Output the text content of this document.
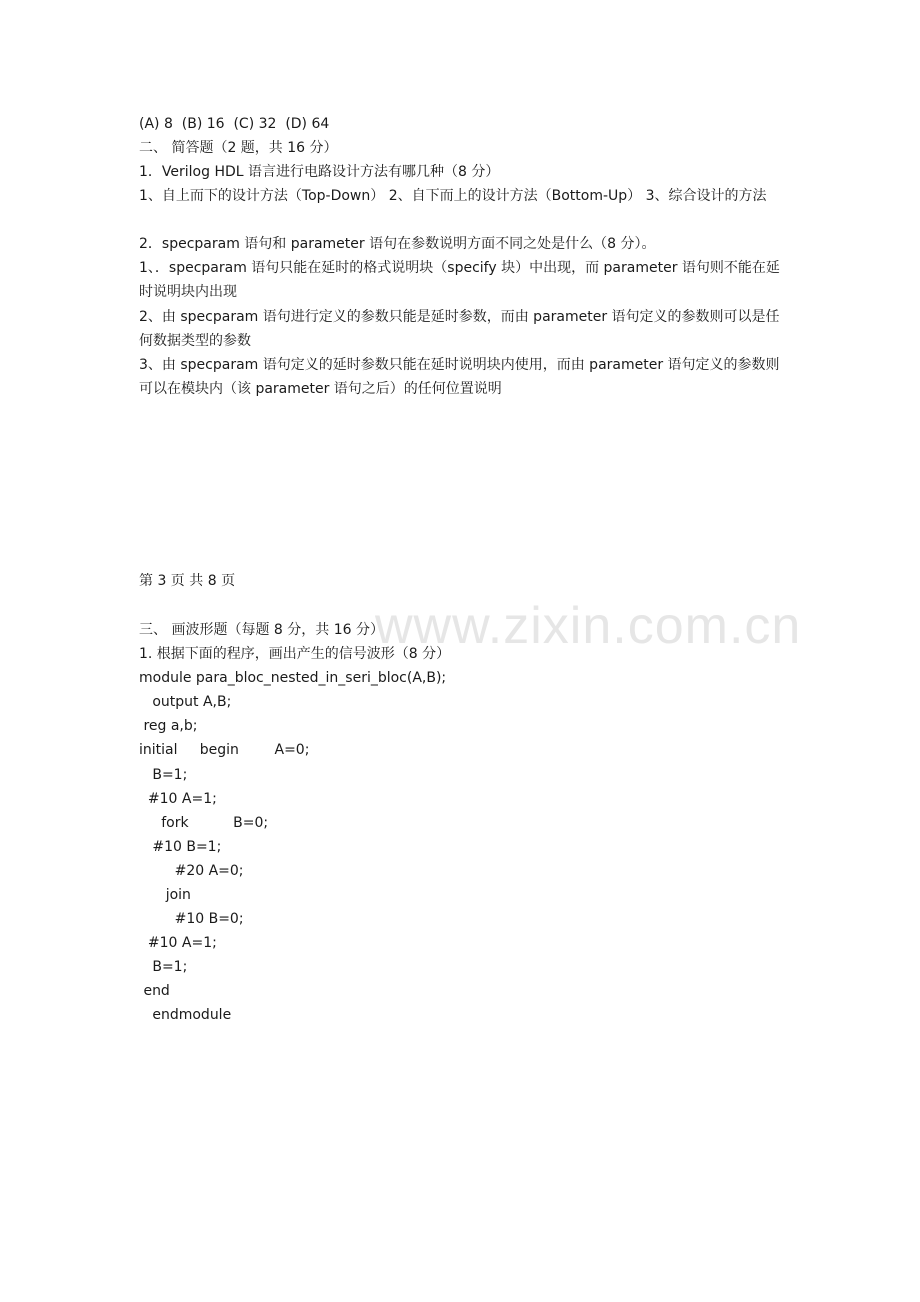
www.zixin.com.cn
(A) 8  (B) 16  (C) 32  (D) 64
二、 简答题（2 题，共 16 分）
1．Verilog HDL 语言进行电路设计方法有哪几种（8 分）
1、自上而下的设计方法（Top-Down） 2、自下而上的设计方法（Bottom-Up） 3、综合设计的方法
2．specparam 语句和 parameter 语句在参数说明方面不同之处是什么（8 分）。
1、．specparam 语句只能在延时的格式说明块（specify 块）中出现，而 parameter 语句则不能在延时说明块内出现
2、由 specparam 语句进行定义的参数只能是延时参数，而由 parameter 语句定义的参数则可以是任何数据类型的参数
3、由 specparam 语句定义的延时参数只能在延时说明块内使用，而由 parameter 语句定义的参数则可以在模块内（该 parameter 语句之后）的任何位置说明
第 3 页 共 8 页
三、 画波形题（每题 8 分，共 16 分）
1. 根据下面的程序，画出产生的信号波形（8 分）
module para_bloc_nested_in_seri_bloc(A,B);
output A,B;
reg a,b;
initial     begin        A=0;
B=1;
#10 A=1;
fork          B=0;
#10 B=1;
#20 A=0;
join
#10 B=0;
#10 A=1;
B=1;
end
endmodule
